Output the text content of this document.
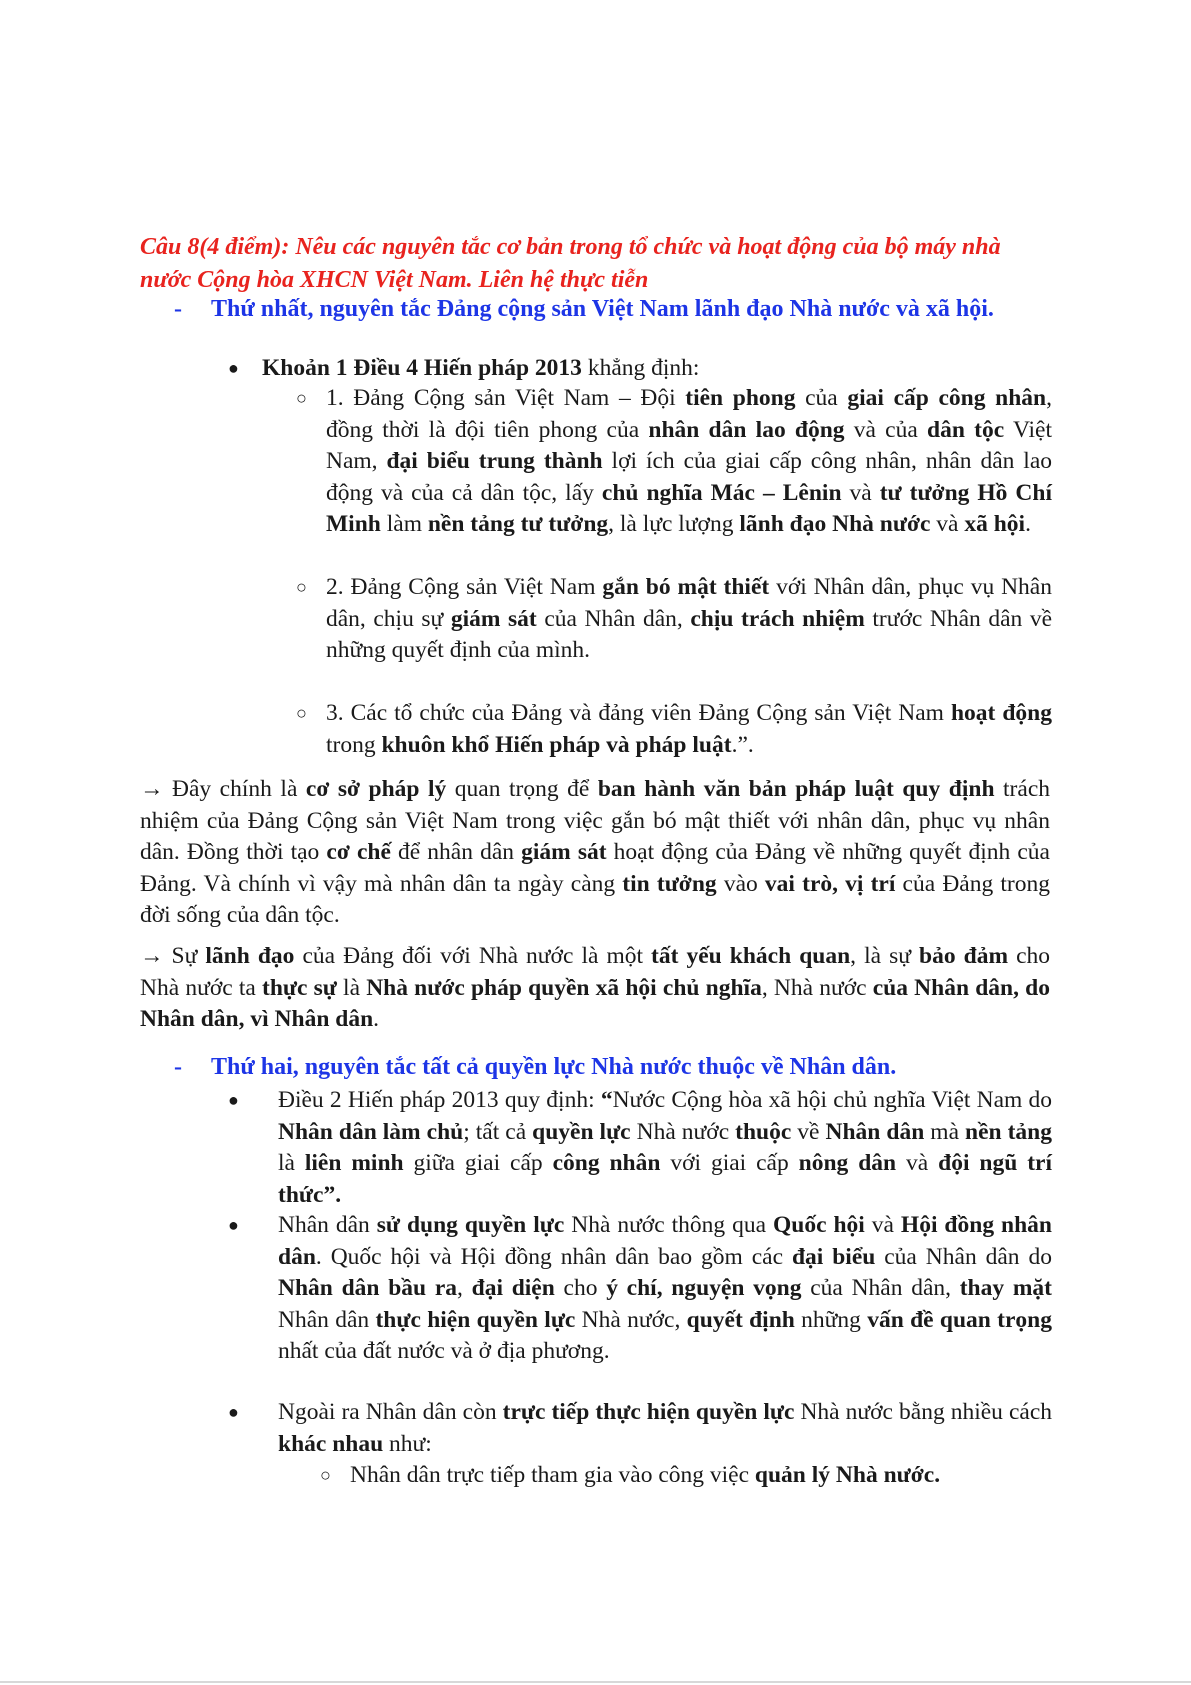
Câu 8(4 điểm): Nêu các nguyên tắc cơ bản trong tổ chức và hoạt động của bộ máy nhà nước Cộng hòa XHCN Việt Nam. Liên hệ thực tiễn
- Thứ nhất, nguyên tắc Đảng cộng sản Việt Nam lãnh đạo Nhà nước và xã hội.
● Khoản 1 Điều 4 Hiến pháp 2013 khẳng định:
○ 1. Đảng Cộng sản Việt Nam – Đội tiên phong của giai cấp công nhân, đồng thời là đội tiên phong của nhân dân lao động và của dân tộc Việt Nam, đại biểu trung thành lợi ích của giai cấp công nhân, nhân dân lao động và của cả dân tộc, lấy chủ nghĩa Mác – Lênin và tư tưởng Hồ Chí Minh làm nền tảng tư tưởng, là lực lượng lãnh đạo Nhà nước và xã hội.
○ 2. Đảng Cộng sản Việt Nam gắn bó mật thiết với Nhân dân, phục vụ Nhân dân, chịu sự giám sát của Nhân dân, chịu trách nhiệm trước Nhân dân về những quyết định của mình.
○ 3. Các tổ chức của Đảng và đảng viên Đảng Cộng sản Việt Nam hoạt động trong khuôn khổ Hiến pháp và pháp luật.”.
→ Đây chính là cơ sở pháp lý quan trọng để ban hành văn bản pháp luật quy định trách nhiệm của Đảng Cộng sản Việt Nam trong việc gắn bó mật thiết với nhân dân, phục vụ nhân dân. Đồng thời tạo cơ chế để nhân dân giám sát hoạt động của Đảng về những quyết định của Đảng. Và chính vì vậy mà nhân dân ta ngày càng tin tưởng vào vai trò, vị trí của Đảng trong đời sống của dân tộc.
→ Sự lãnh đạo của Đảng đối với Nhà nước là một tất yếu khách quan, là sự bảo đảm cho Nhà nước ta thực sự là Nhà nước pháp quyền xã hội chủ nghĩa, Nhà nước của Nhân dân, do Nhân dân, vì Nhân dân.
- Thứ hai, nguyên tắc tất cả quyền lực Nhà nước thuộc về Nhân dân.
● Điều 2 Hiến pháp 2013 quy định: “Nước Cộng hòa xã hội chủ nghĩa Việt Nam do Nhân dân làm chủ; tất cả quyền lực Nhà nước thuộc về Nhân dân mà nền tảng là liên minh giữa giai cấp công nhân với giai cấp nông dân và đội ngũ trí thức”.
● Nhân dân sử dụng quyền lực Nhà nước thông qua Quốc hội và Hội đồng nhân dân. Quốc hội và Hội đồng nhân dân bao gồm các đại biểu của Nhân dân do Nhân dân bầu ra, đại diện cho ý chí, nguyện vọng của Nhân dân, thay mặt Nhân dân thực hiện quyền lực Nhà nước, quyết định những vấn đề quan trọng nhất của đất nước và ở địa phương.
● Ngoài ra Nhân dân còn trực tiếp thực hiện quyền lực Nhà nước bằng nhiều cách khác nhau như:
○ Nhân dân trực tiếp tham gia vào công việc quản lý Nhà nước.
